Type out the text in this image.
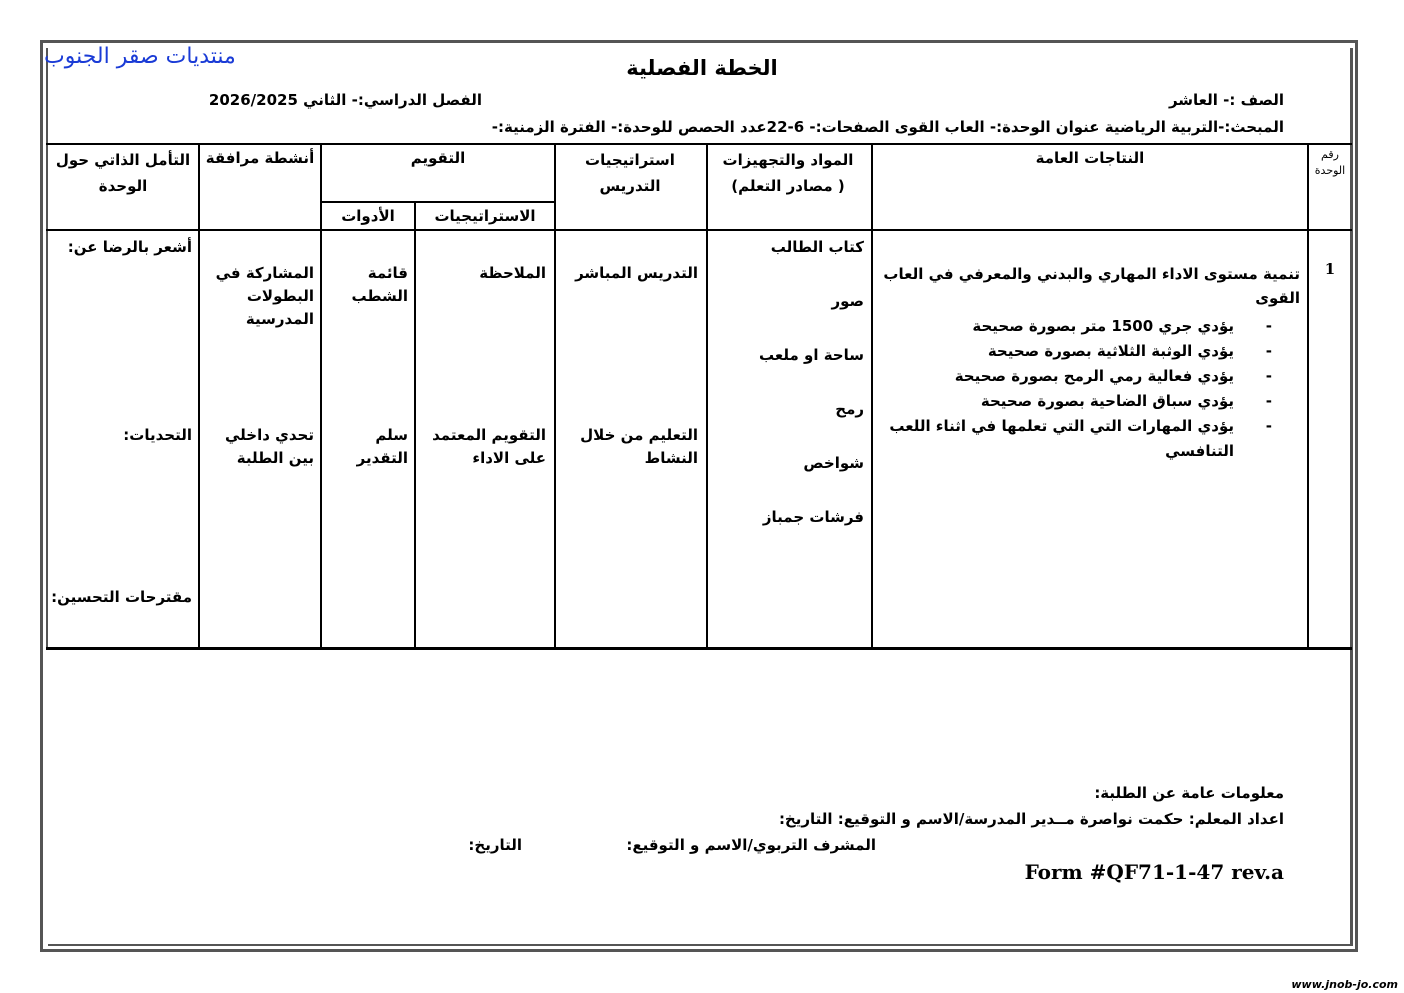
منتديات صقر الجنوب	الخطة الفصلية
الصف :- العاشر
الفصل الدراسي:- الثاني 2026/2025
المبحث:-التربية الرياضية عنوان الوحدة:- العاب القوى الصفحات:- 6-22عدد الحصص للوحدة:- الفترة الزمنية:-
رقم الوحدة
النتاجات العامة
المواد والتجهيزات ( مصادر التعلم)
استراتيجيات التدريس
التقويم
الاستراتيجيات
الأدوات
أنشطة مرافقة
التأمل الذاتي حول الوحدة
1
تنمية مستوى الاداء المهاري والبدني والمعرفي في العاب القوى
- يؤدي جري 1500 متر بصورة صحيحة
- يؤدي الوثبة الثلاثية بصورة صحيحة
- يؤدي فعالية رمي الرمح بصورة صحيحة
- يؤدي سباق الضاحية بصورة صحيحة
- يؤدي المهارات التي التي تعلمها في اثناء اللعب التنافسي
كتاب الطالب
صور
ساحة او ملعب
رمح
شواخص
فرشات جمباز
التدريس المباشر
التعليم من خلال النشاط
الملاحظة
التقويم المعتمد على الاداء
قائمة الشطب
سلم التقدير
المشاركة في البطولات المدرسية
تحدي داخلي بين الطلبة
أشعر بالرضا عن:
التحديات:
مقترحات التحسين:
معلومات عامة عن الطلبة:
اعداد المعلم: حكمت نواصرة مــدير المدرسة/الاسم و التوقيع: التاريخ:
المشرف التربوي/الاسم و التوقيع:
التاريخ:
Form #QF71-1-47 rev.a
www.jnob-jo.com
